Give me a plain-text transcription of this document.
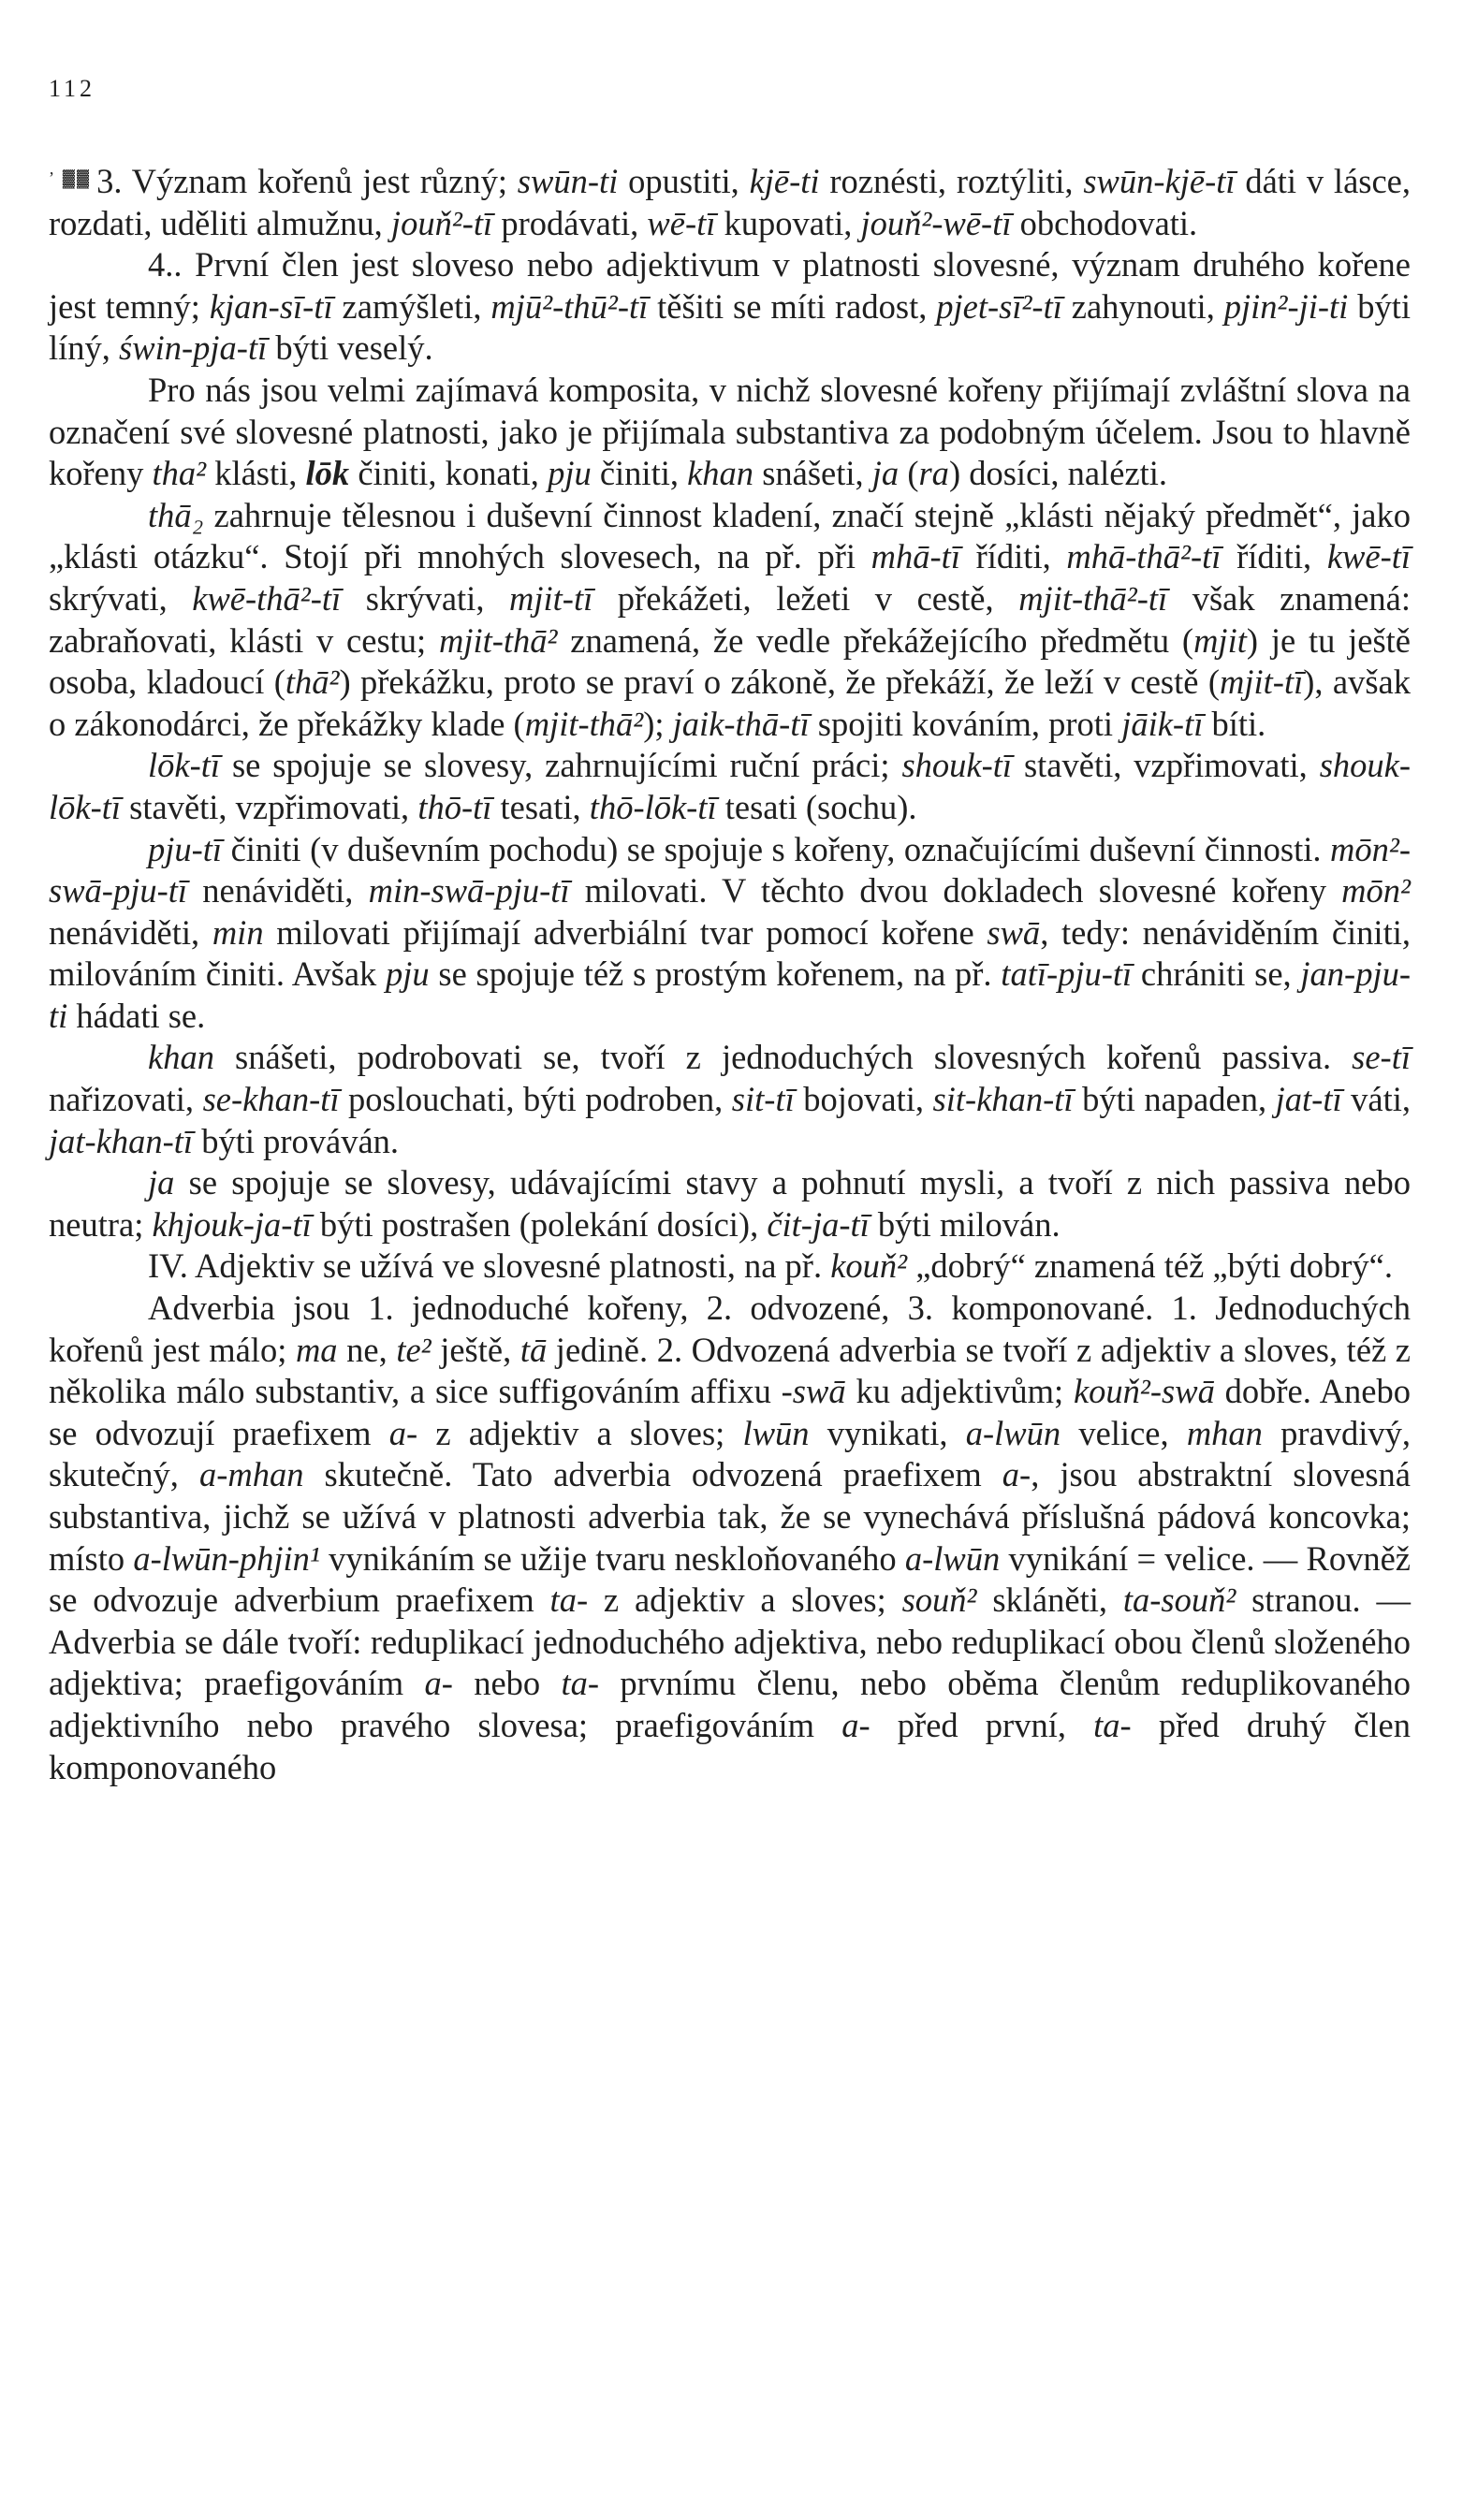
112

’ ▓▓ 3. Význam kořenů jest různý; swūn-ti opustiti, kjē-ti roznésti, roztýliti, swūn-kjē-tī dáti v lásce, rozdati, uděliti almužnu, jouň²-tī prodávati, wē-tī kupovati, jouň²-wē-tī obchodovati.

4.. První člen jest sloveso nebo adjektivum v platnosti slovesné, význam druhého kořene jest temný; kjan-sī-tī zamýšleti, mjū²-thū²-tī těšiti se míti radost, pjet-sī²-tī zahynouti, pjin²-ji-ti býti líný, świn-pja-tī býti veselý.

Pro nás jsou velmi zajímavá komposita, v nichž slovesné kořeny přijímají zvláštní slova na označení své slovesné platnosti, jako je přijímala substantiva za podobným účelem. Jsou to hlavně kořeny tha² klásti, lōk činiti, konati, pju činiti, khan snášeti, ja (ra) dosíci, nalézti.

thā₂ zahrnuje tělesnou i duševní činnost kladení, značí stejně „klásti nějaký předmět“, jako „klásti otázku“. Stojí při mnohých slovesech, na př. při mhā-tī říditi, mhā-thā²-tī říditi, kwē-tī skrývati, kwē-thā²-tī skrývati, mjit-tī překážeti, ležeti v cestě, mjit-thā²-tī však znamená: zabraňovati, klásti v cestu; mjit-thā² znamená, že vedle překážejícího předmětu (mjit) je tu ještě osoba, kladoucí (thā²) překážku, proto se praví o zákoně, že překáží, že leží v cestě (mjit-tī), avšak o zákonodárci, že překážky klade (mjit-thā²); jaik-thā-tī spojiti kováním, proti jāik-tī bíti.

lōk-tī se spojuje se slovesy, zahrnujícími ruční práci; shouk-tī stavěti, vzpřimovati, shouk-lōk-tī stavěti, vzpřimovati, thō-tī tesati, thō-lōk-tī tesati (sochu).

pju-tī činiti (v duševním pochodu) se spojuje s kořeny, označujícími duševní činnosti. mōn²-swā-pju-tī nenáviděti, min-swā-pju-tī milovati. V těchto dvou dokladech slovesné kořeny mōn² nenáviděti, min milovati přijímají adverbiální tvar pomocí kořene swā, tedy: nenáviděním činiti, milováním činiti. Avšak pju se spojuje též s prostým kořenem, na př. tatī-pju-tī chrániti se, jan-pju-ti hádati se.

khan snášeti, podrobovati se, tvoří z jednoduchých slovesných kořenů passiva. se-tī nařizovati, se-khan-tī poslouchati, býti podroben, sit-tī bojovati, sit-khan-tī býti napaden, jat-tī váti, jat-khan-tī býti prováván.

ja se spojuje se slovesy, udávajícími stavy a pohnutí mysli, a tvoří z nich passiva nebo neutra; khjouk-ja-tī býti postrašen (polekání dosíci), čit-ja-tī býti milován.

IV. Adjektiv se užívá ve slovesné platnosti, na př. kouň² „dobrý“ znamená též „býti dobrý“.

Adverbia jsou 1. jednoduché kořeny, 2. odvozené, 3. komponované. 1. Jednoduchých kořenů jest málo; ma ne, te² ještě, tā jedině. 2. Odvozená adverbia se tvoří z adjektiv a sloves, též z několika málo substantiv, a sice suffigováním affixu -swā ku adjektivům; kouň²-swā dobře. Anebo se odvozují praefixem a- z adjektiv a sloves; lwūn vynikati, a-lwūn velice, mhan pravdivý, skutečný, a-mhan skutečně. Tato adverbia odvozená praefixem a-, jsou abstraktní slovesná substantiva, jichž se užívá v platnosti adverbia tak, že se vynechává příslušná pádová koncovka; místo a-lwūn-phjin¹ vynikáním se užije tvaru neskloňovaného a-lwūn vynikání = velice. — Rovněž se odvozuje adverbium praefixem ta- z adjektiv a sloves; souň² skláněti, ta-souň² stranou. — Adverbia se dále tvoří: reduplikací jednoduchého adjektiva, nebo reduplikací obou členů složeného adjektiva; praefigováním a- nebo ta- prvnímu členu, nebo oběma členům reduplikovaného adjektivního nebo pravého slovesa; praefigováním a- před první, ta- před druhý člen komponovaného
